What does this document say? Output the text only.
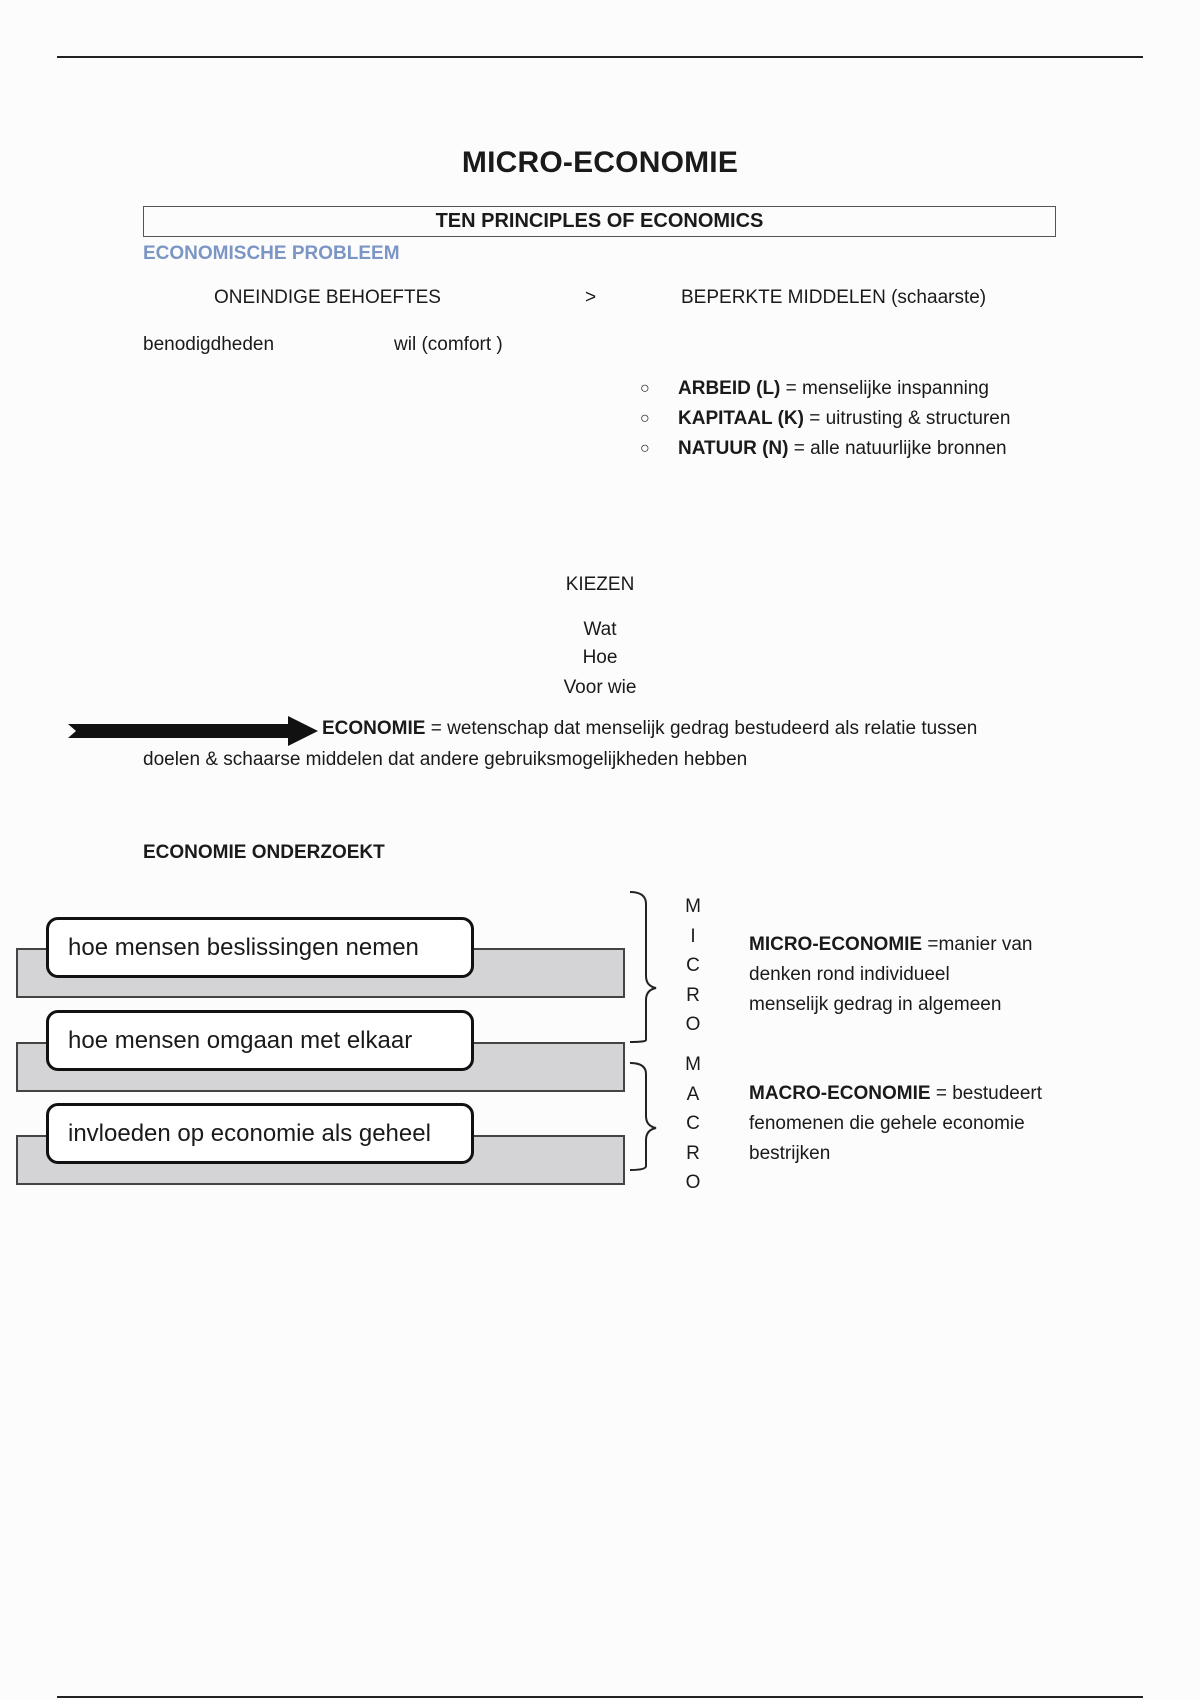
MICRO-ECONOMIE
TEN PRINCIPLES OF ECONOMICS
ECONOMISCHE PROBLEEM
ONEINDIGE BEHOEFTES	>	BEPERKTE MIDDELEN (schaarste)
benodigdheden	wil (comfort )
○	ARBEID (L) = menselijke inspanning
○	KAPITAAL (K) = uitrusting & structuren
○	NATUUR (N) = alle natuurlijke bronnen
KIEZEN
Wat
Hoe
Voor wie
ECONOMIE = wetenschap dat menselijk gedrag bestudeerd als relatie tussen
doelen & schaarse middelen dat andere gebruiksmogelijkheden hebben
ECONOMIE ONDERZOEKT
hoe mensen beslissingen nemen
hoe mensen omgaan met elkaar
invloeden op economie als geheel
M
I
C
R
O
M
A
C
R
O
MICRO-ECONOMIE =manier van
denken rond individueel
menselijk gedrag in algemeen
MACRO-ECONOMIE = bestudeert
fenomenen die gehele economie
bestrijken
